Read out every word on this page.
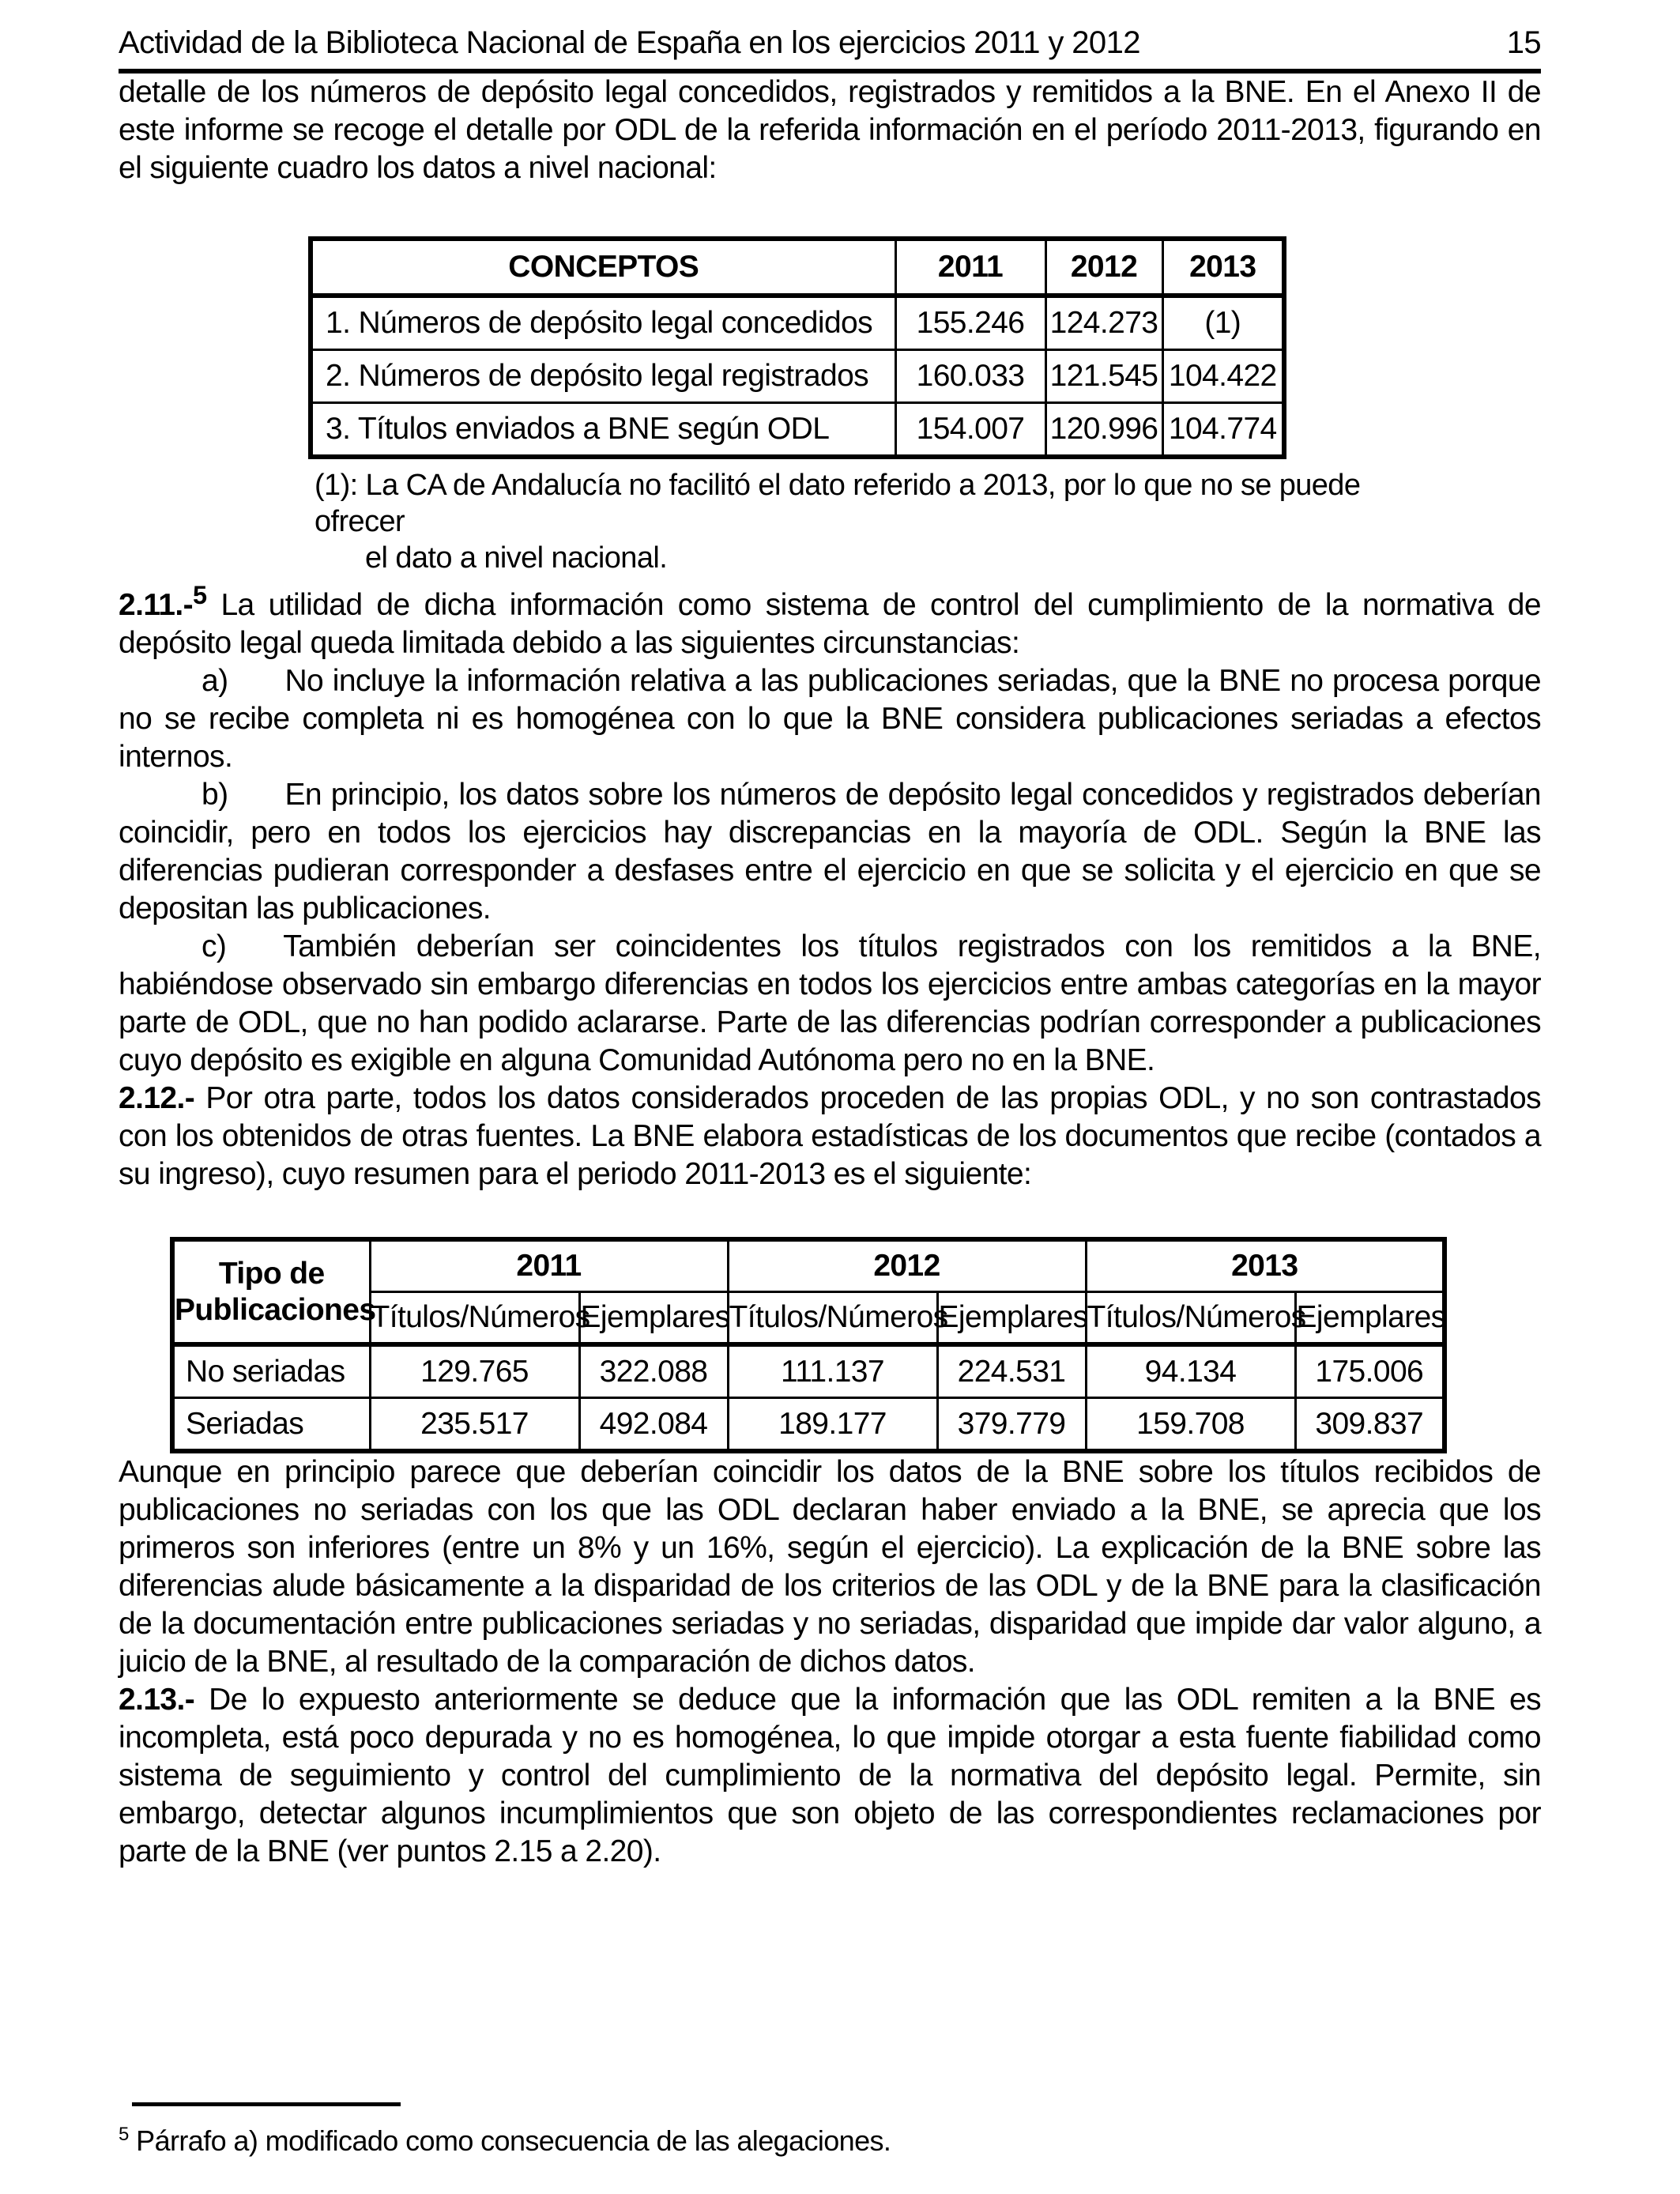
Actividad de la Biblioteca Nacional de España en los ejercicios 2011 y 2012	15

detalle de los números de depósito legal concedidos, registrados y remitidos a la BNE. En el Anexo II de este informe se recoge el detalle por ODL de la referida información en el período 2011-2013, figurando en el siguiente cuadro los datos a nivel nacional:

CONCEPTOS	2011	2012	2013
1. Números de depósito legal concedidos	155.246	124.273	(1)
2. Números de depósito legal registrados	160.033	121.545	104.422
3. Títulos enviados a BNE según ODL	154.007	120.996	104.774
(1): La CA de Andalucía no facilitó el dato referido a 2013, por lo que no se puede ofrecer
el dato a nivel nacional.

2.11.-$^5$ La utilidad de dicha información como sistema de control del cumplimiento de la normativa de depósito legal queda limitada debido a las siguientes circunstancias:

a) No incluye la información relativa a las publicaciones seriadas, que la BNE no procesa porque no se recibe completa ni es homogénea con lo que la BNE considera publicaciones seriadas a efectos internos.

b) En principio, los datos sobre los números de depósito legal concedidos y registrados deberían coincidir, pero en todos los ejercicios hay discrepancias en la mayoría de ODL. Según la BNE las diferencias pudieran corresponder a desfases entre el ejercicio en que se solicita y el ejercicio en que se depositan las publicaciones.

c) También deberían ser coincidentes los títulos registrados con los remitidos a la BNE, habiéndose observado sin embargo diferencias en todos los ejercicios entre ambas categorías en la mayor parte de ODL, que no han podido aclararse. Parte de las diferencias podrían corresponder a publicaciones cuyo depósito es exigible en alguna Comunidad Autónoma pero no en la BNE.

2.12.- Por otra parte, todos los datos considerados proceden de las propias ODL, y no son contrastados con los obtenidos de otras fuentes. La BNE elabora estadísticas de los documentos que recibe (contados a su ingreso), cuyo resumen para el periodo 2011-2013 es el siguiente:

Tipo de Publicaciones	2011		2012		2013	
	Títulos/Números	Ejemplares	Títulos/Números	Ejemplares	Títulos/Números	Ejemplares
No seriadas	129.765	322.088	111.137	224.531	94.134	175.006
Seriadas	235.517	492.084	189.177	379.779	159.708	309.837

Aunque en principio parece que deberían coincidir los datos de la BNE sobre los títulos recibidos de publicaciones no seriadas con los que las ODL declaran haber enviado a la BNE, se aprecia que los primeros son inferiores (entre un 8% y un 16%, según el ejercicio). La explicación de la BNE sobre las diferencias alude básicamente a la disparidad de los criterios de las ODL y de la BNE para la clasificación de la documentación entre publicaciones seriadas y no seriadas, disparidad que impide dar valor alguno, a juicio de la BNE, al resultado de la comparación de dichos datos.

2.13.- De lo expuesto anteriormente se deduce que la información que las ODL remiten a la BNE es incompleta, está poco depurada y no es homogénea, lo que impide otorgar a esta fuente fiabilidad como sistema de seguimiento y control del cumplimiento de la normativa del depósito legal. Permite, sin embargo, detectar algunos incumplimientos que son objeto de las correspondientes reclamaciones por parte de la BNE (ver puntos 2.15 a 2.20).

$^5$ Párrafo a) modificado como consecuencia de las alegaciones.
